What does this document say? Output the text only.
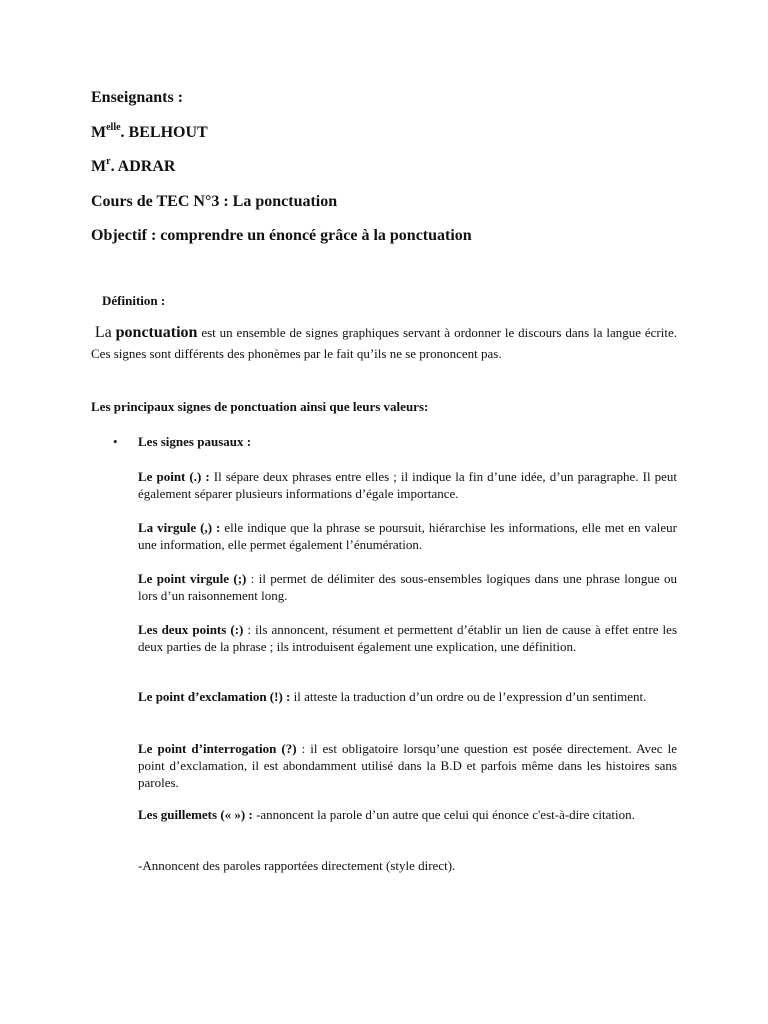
Enseignants :
$M^{elle}$. BELHOUT
$M^r$. ADRAR
Cours de TEC N°3 : La ponctuation
Objectif : comprendre un énoncé grâce à la ponctuation
Définition :
La ponctuation est un ensemble de signes graphiques servant à ordonner le discours dans la langue écrite. Ces signes sont différents des phonèmes par le fait qu’ils ne se prononcent pas.
Les principaux signes de ponctuation ainsi que leurs valeurs:
• Les signes pausaux :
Le point (.) : Il sépare deux phrases entre elles ; il indique la fin d’une idée, d’un paragraphe. Il peut également séparer plusieurs informations d’égale importance.
La virgule (,) : elle indique que la phrase se poursuit, hiérarchise les informations, elle met en valeur une information, elle permet également l’énumération.
Le point virgule (;) : il permet de délimiter des sous-ensembles logiques dans une phrase longue ou lors d’un raisonnement long.
Les deux points (:) : ils annoncent, résument et permettent d’établir un lien de cause à effet entre les deux parties de la phrase ; ils introduisent également une explication, une définition.
Le point d’exclamation (!) : il atteste la traduction d’un ordre ou de l’expression d’un sentiment.
Le point d’interrogation (?) : il est obligatoire lorsqu’une question est posée directement. Avec le point d’exclamation, il est abondamment utilisé dans la B.D et parfois même dans les histoires sans paroles.
Les guillemets (« ») : -annoncent la parole d’un autre que celui qui énonce c'est-à-dire citation.
-Annoncent des paroles rapportées directement (style direct).
